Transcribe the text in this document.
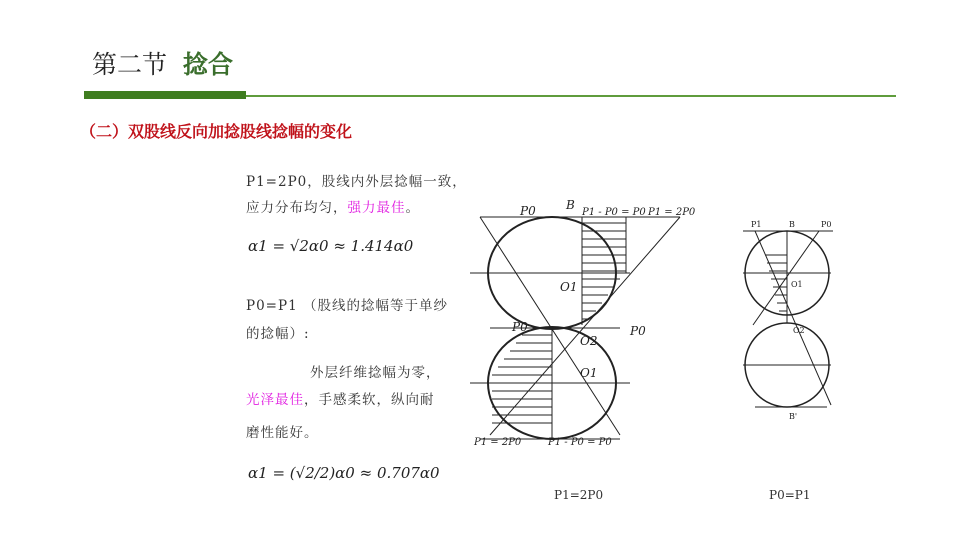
第二节 捻合
（二）双股线反向加捻股线捻幅的变化
P1=2P0，股线内外层捻幅一致，
应力分布均匀，强力最佳。
α1 = √2α0 ≈ 1.414α0
P0=P1 （股线的捻幅等于单纱
的捻幅）:
外层纤维捻幅为零，
光泽最佳，手感柔软，纵向耐
磨性能好。
α1 = (√2/2)α0 ≈ 0.707α0
P0	B
P1 - P0 = P0 P1 = 2P0
O1
P0	P0
O2
O1
P1 = 2P0	P1 - P0 = P0
P1=2P0
P1	B	P0
O1
O2
B'
P0=P1
